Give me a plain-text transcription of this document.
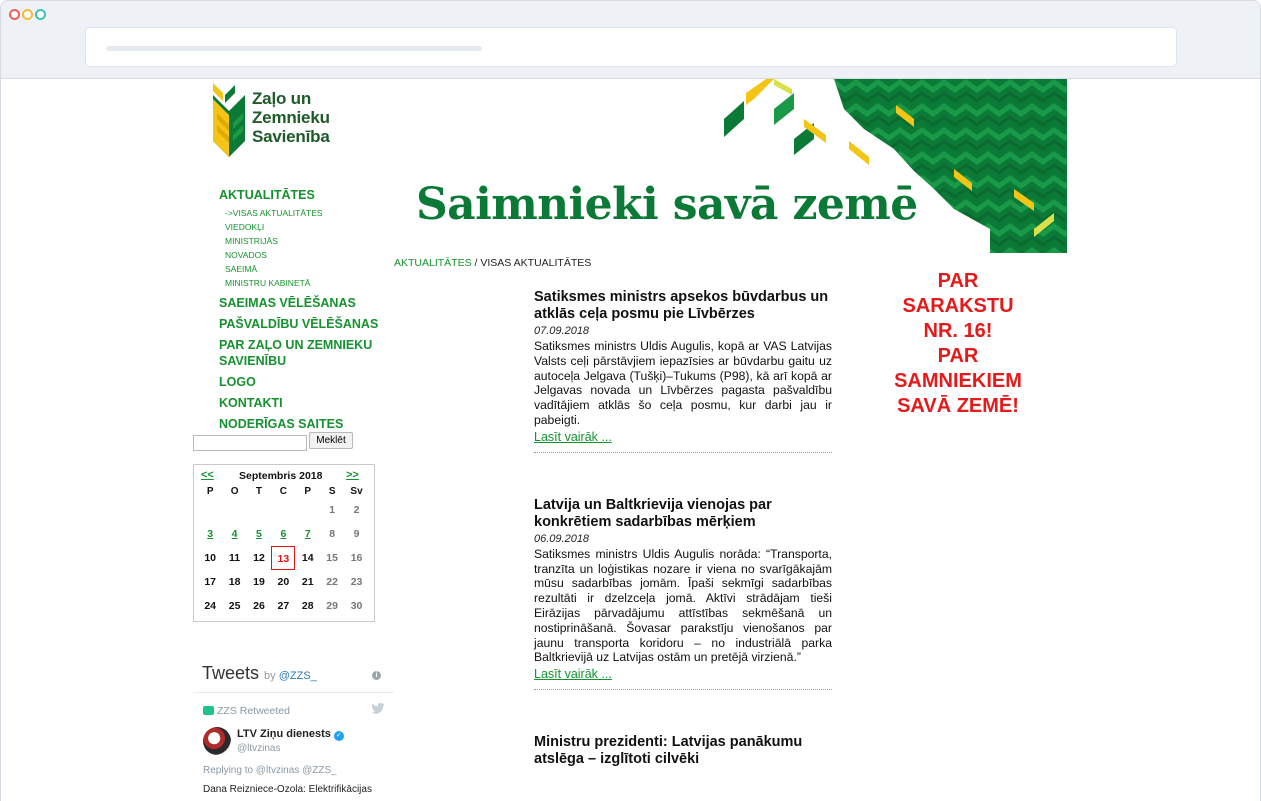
Zaļo un
Zemnieku
Savienība
Saimnieki savā zemē
AKTUALITĀTES
->VISAS AKTUALITĀTES
VIEDOKĻI
MINISTRIJĀS
NOVADOS
SAEIMĀ
MINISTRU KABINETĀ
SAEIMAS VĒLĒŠANAS
PAŠVALDĪBU VĒLĒŠANAS
PAR ZAĻO UN ZEMNIEKU SAVIENĪBU
LOGO
KONTAKTI
NODERĪGAS SAITES
Meklēt
<< Septembris 2018 >>
P	O	T	C	P	S	Sv
					1	2
3	4	5	6	7	8	9
10	11	12	13	14	15	16
17	18	19	20	21	22	23
24	25	26	27	28	29	30
Tweets by @ZZS_	i
ZZS Retweeted
LTV Ziņu dienests ✓
@ltvzinas
Replying to @ltvzinas @ZZS_
Dana Reizniece-Ozola: Elektrifikācijas
AKTUALITĀTES / VISAS AKTUALITĀTES
Satiksmes ministrs apsekos būvdarbus un atklās ceļa posmu pie Līvbērzes
07.09.2018
Satiksmes ministrs Uldis Augulis, kopā ar VAS Latvijas Valsts ceļi pārstāvjiem iepazīsies ar būvdarbu gaitu uz autoceļa Jelgava (Tušķi)–Tukums (P98), kā arī kopā ar Jelgavas novada un Līvbērzes pagasta pašvaldību vadītājiem atklās šo ceļa posmu, kur darbi jau ir pabeigti.
Lasīt vairāk ...
Latvija un Baltkrievija vienojas par konkrētiem sadarbības mērķiem
06.09.2018
Satiksmes ministrs Uldis Augulis norāda: “Transporta, tranzīta un loģistikas nozare ir viena no svarīgākajām mūsu sadarbības jomām. Īpaši sekmīgi sadarbības rezultāti ir dzelzceļa jomā. Aktīvi strādājam tieši Eirāzijas pārvadājumu attīstības sekmēšanā un nostiprināšanā. Šovasar parakstīju vienošanos par jaunu transporta koridoru – no industriālā parka Baltkrievijā uz Latvijas ostām un pretējā virzienā.”
Lasīt vairāk ...
Ministru prezidenti: Latvijas panākumu atslēga – izglītoti cilvēki
PAR
SARAKSTU
NR. 16!
PAR
SAMNIEKIEM
SAVĀ ZEMĒ!
